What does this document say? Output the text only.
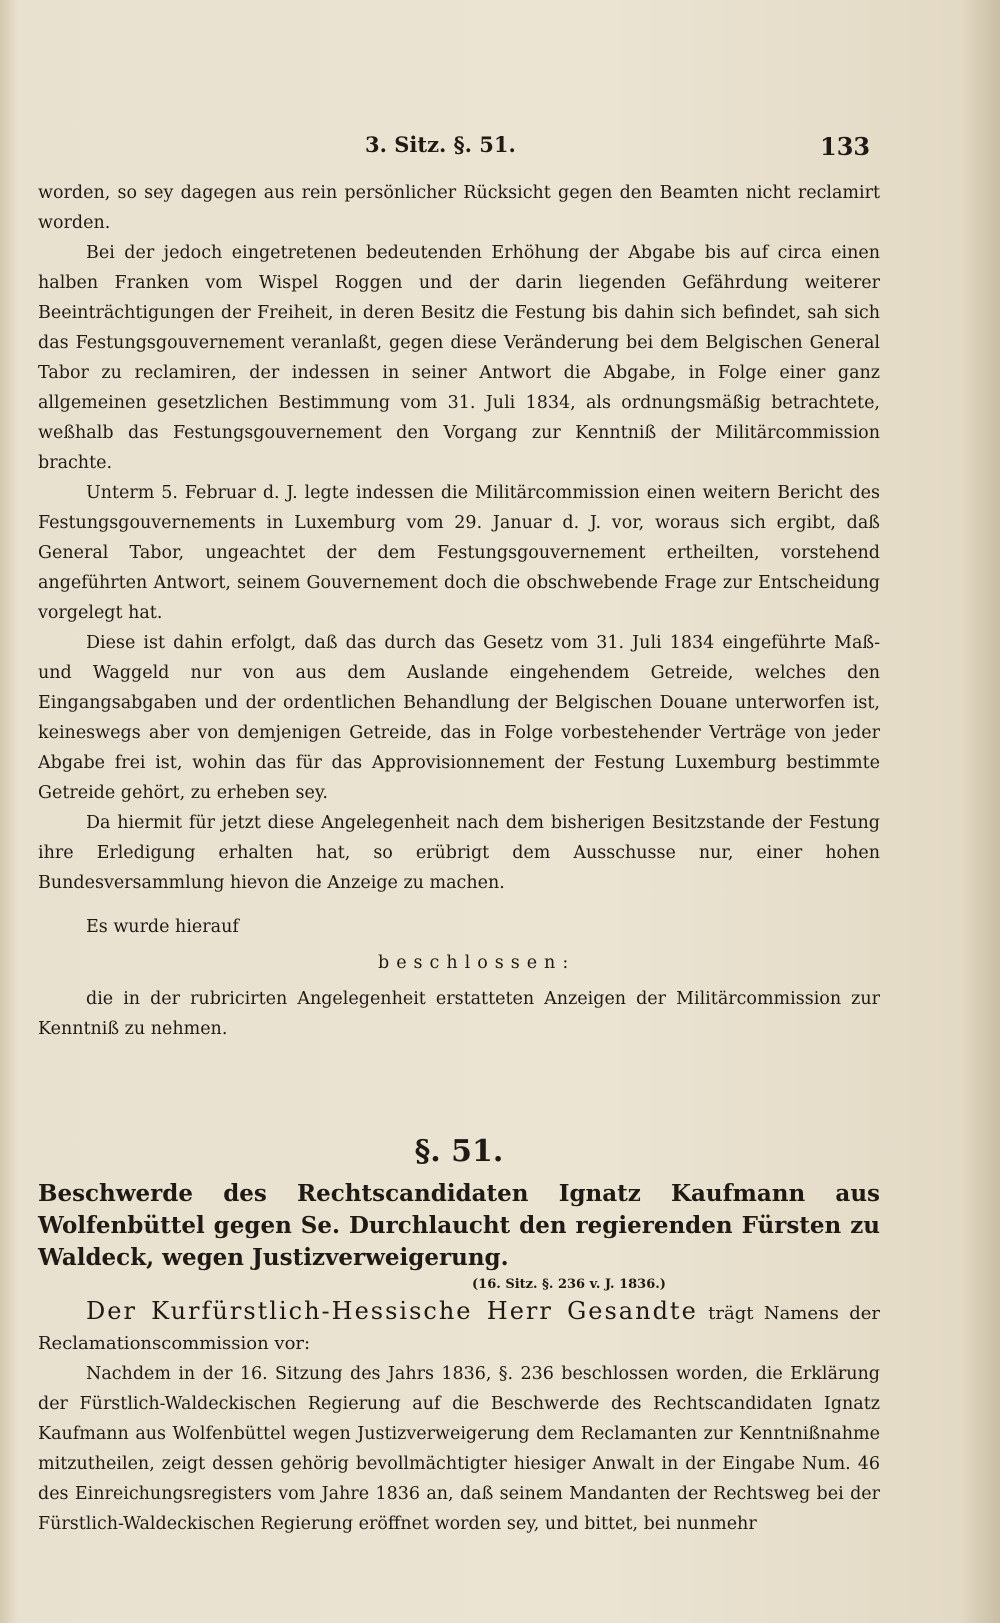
3. Sitz. §. 51.	133

worden, so sey dagegen aus rein persönlicher Rücksicht gegen den Beamten nicht reclamirt worden.

Bei der jedoch eingetretenen bedeutenden Erhöhung der Abgabe bis auf circa einen halben Franken vom Wispel Roggen und der darin liegenden Gefährdung weiterer Beeinträchtigungen der Freiheit, in deren Besitz die Festung bis dahin sich befindet, sah sich das Festungsgouvernement veranlaßt, gegen diese Veränderung bei dem Belgischen General Tabor zu reclamiren, der indessen in seiner Antwort die Abgabe, in Folge einer ganz allgemeinen gesetzlichen Bestimmung vom 31. Juli 1834, als ordnungsmäßig betrachtete, weßhalb das Festungsgouvernement den Vorgang zur Kenntniß der Militärcommission brachte.

Unterm 5. Februar d. J. legte indessen die Militärcommission einen weitern Bericht des Festungsgouvernements in Luxemburg vom 29. Januar d. J. vor, woraus sich ergibt, daß General Tabor, ungeachtet der dem Festungsgouvernement ertheilten, vorstehend angeführten Antwort, seinem Gouvernement doch die obschwebende Frage zur Entscheidung vorgelegt hat.

Diese ist dahin erfolgt, daß das durch das Gesetz vom 31. Juli 1834 eingeführte Maß- und Waggeld nur von aus dem Auslande eingehendem Getreide, welches den Eingangsabgaben und der ordentlichen Behandlung der Belgischen Douane unterworfen ist, keineswegs aber von demjenigen Getreide, das in Folge vorbestehender Verträge von jeder Abgabe frei ist, wohin das für das Approvisionnement der Festung Luxemburg bestimmte Getreide gehört, zu erheben sey.

Da hiermit für jetzt diese Angelegenheit nach dem bisherigen Besitzstande der Festung ihre Erledigung erhalten hat, so erübrigt dem Ausschusse nur, einer hohen Bundesversammlung hievon die Anzeige zu machen.

Es wurde hierauf

beschlossen:

die in der rubricirten Angelegenheit erstatteten Anzeigen der Militärcommission zur Kenntniß zu nehmen.

§. 51.

Beschwerde des Rechtscandidaten Ignatz Kaufmann aus Wolfenbüttel gegen Se. Durchlaucht den regierenden Fürsten zu Waldeck, wegen Justizverweigerung.

(16. Sitz. §. 236 v. J. 1836.)

Der Kurfürstlich-Hessische Herr Gesandte trägt Namens der Reclamationscommission vor:

Nachdem in der 16. Sitzung des Jahrs 1836, §. 236 beschlossen worden, die Erklärung der Fürstlich-Waldeckischen Regierung auf die Beschwerde des Rechtscandidaten Ignatz Kaufmann aus Wolfenbüttel wegen Justizverweigerung dem Reclamanten zur Kenntnißnahme mitzutheilen, zeigt dessen gehörig bevollmächtigter hiesiger Anwalt in der Eingabe Num. 46 des Einreichungsregisters vom Jahre 1836 an, daß seinem Mandanten der Rechtsweg bei der Fürstlich-Waldeckischen Regierung eröffnet worden sey, und bittet, bei nunmehr
